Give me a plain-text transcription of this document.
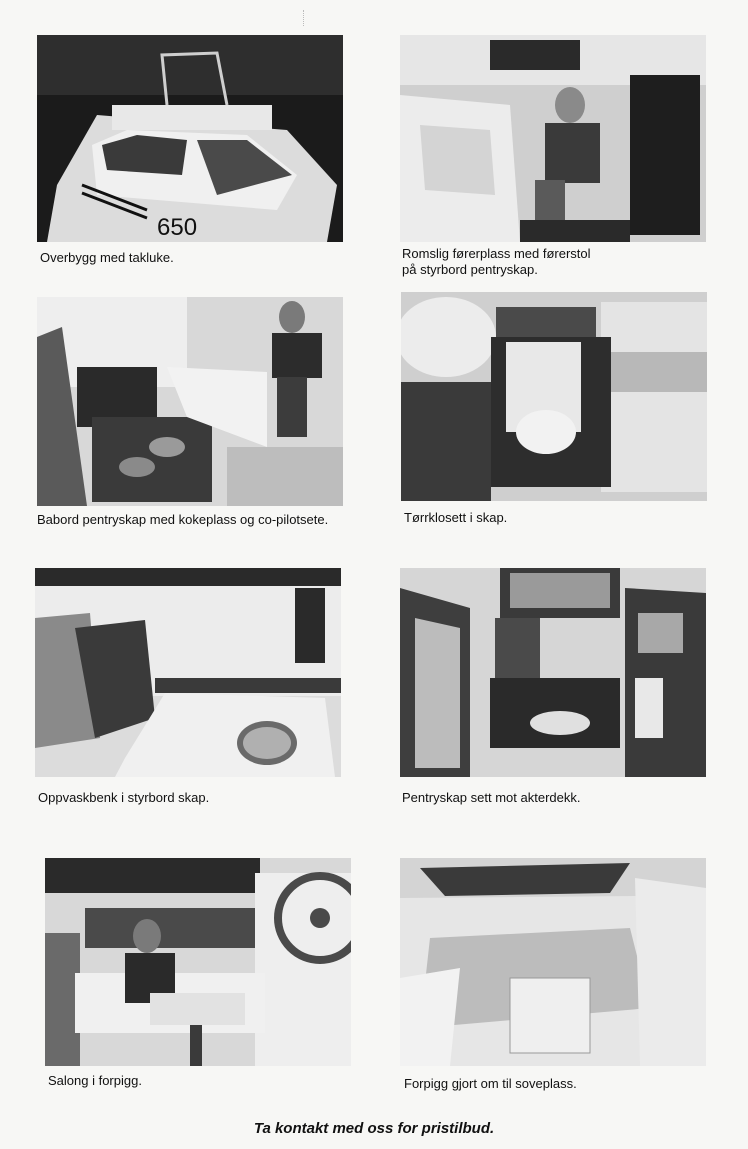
650
Overbygg med takluke.	Romslig førerplass med førerstol
på styrbord pentryskap.
Babord pentryskap med kokeplass og co-pilotsete.	Tørrklosett i skap.
Oppvaskbenk i styrbord skap.	Pentryskap sett mot akterdekk.
Salong i forpigg.	Forpigg gjort om til soveplass.
Ta kontakt med oss for pristilbud.
